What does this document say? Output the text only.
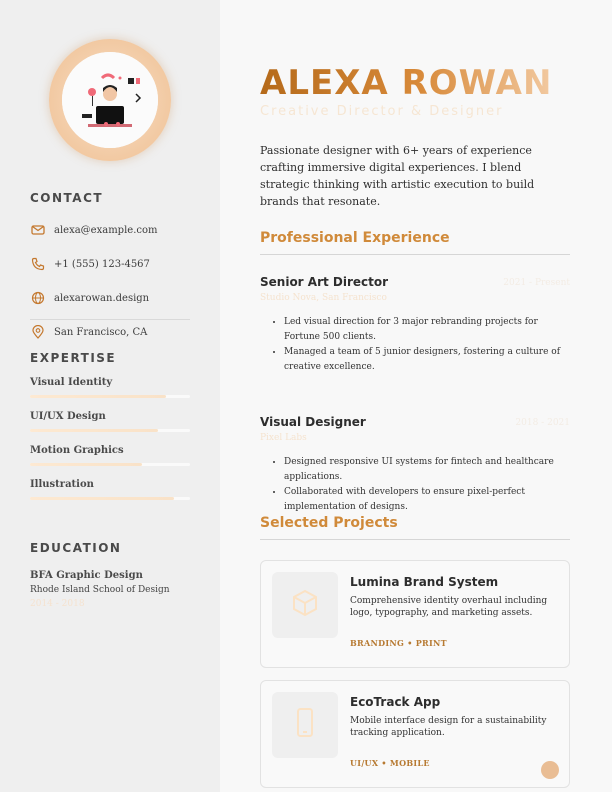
CONTACT
alexa@example.com
+1 (555) 123-4567
alexarowan.design
San Francisco, CA
EXPERTISE
Visual Identity
UI/UX Design
Motion Graphics
Illustration
EDUCATION
BFA Graphic Design
Rhode Island School of Design
2014 - 2018
ALEXA ROWAN
Creative Director & Designer
Passionate designer with 6+ years of experience crafting immersive digital experiences. I blend strategic thinking with artistic execution to build brands that resonate.
Professional Experience
Senior Art Director	2021 - Present
Studio Nova, San Francisco
• Led visual direction for 3 major rebranding projects for Fortune 500 clients.
• Managed a team of 5 junior designers, fostering a culture of creative excellence.
Visual Designer	2018 - 2021
Pixel Labs
• Designed responsive UI systems for fintech and healthcare applications.
• Collaborated with developers to ensure pixel-perfect implementation of designs.
Selected Projects
Lumina Brand System
Comprehensive identity overhaul including logo, typography, and marketing assets.
BRANDING • PRINT
EcoTrack App
Mobile interface design for a sustainability tracking application.
UI/UX • MOBILE
